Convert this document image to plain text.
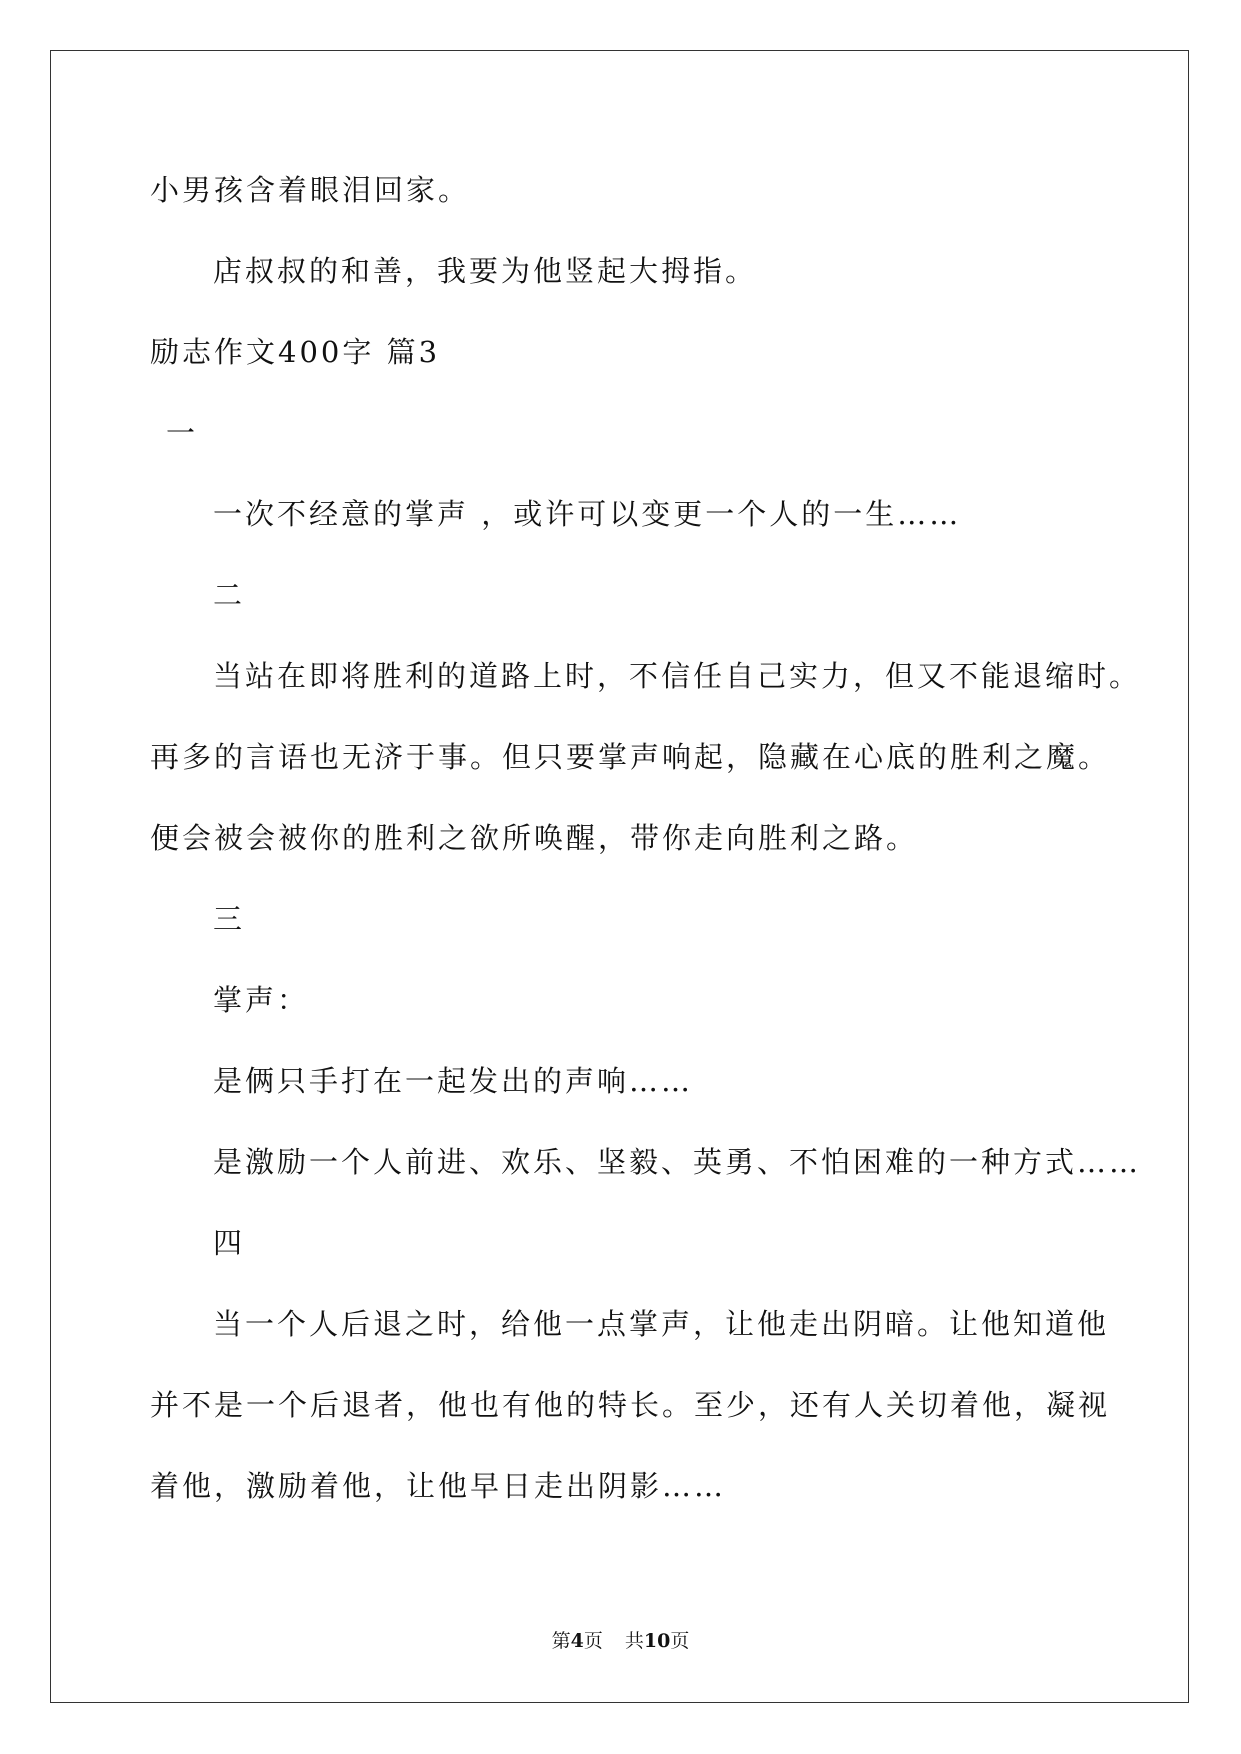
小男孩含着眼泪回家。
店叔叔的和善，我要为他竖起大拇指。
励志作文400字 篇3
一
一次不经意的掌声 ，或许可以变更一个人的一生……
二
当站在即将胜利的道路上时，不信任自己实力，但又不能退缩时。
再多的言语也无济于事。但只要掌声响起，隐藏在心底的胜利之魔。
便会被会被你的胜利之欲所唤醒，带你走向胜利之路。
三
掌声：
是俩只手打在一起发出的声响……
是激励一个人前进、欢乐、坚毅、英勇、不怕困难的一种方式……
四
当一个人后退之时，给他一点掌声，让他走出阴暗。让他知道他
并不是一个后退者，他也有他的特长。至少，还有人关切着他，凝视
着他，激励着他，让他早日走出阴影……
第4页 共10页
